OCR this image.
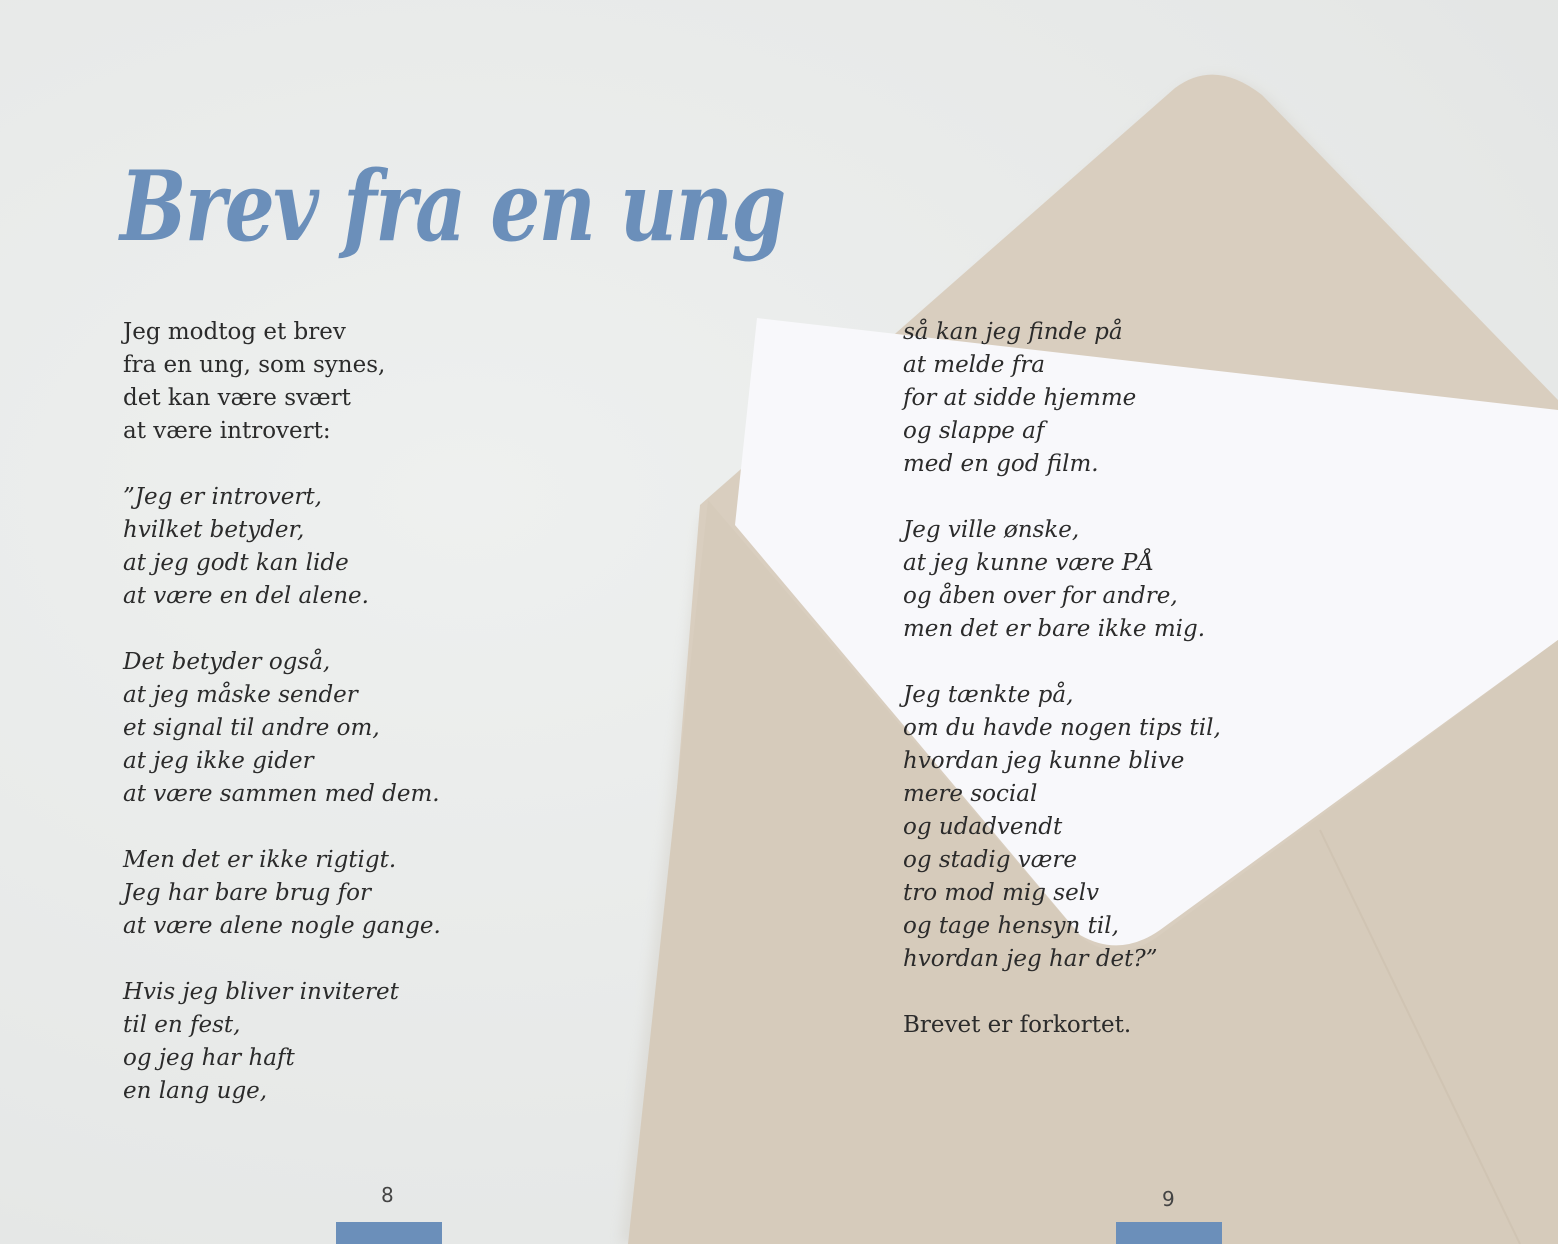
Brev fra en ung
Jeg modtog et brev
fra en ung, som synes,
det kan være svært
at være introvert:
”Jeg er introvert,
hvilket betyder,
at jeg godt kan lide
at være en del alene.
Det betyder også,
at jeg måske sender
et signal til andre om,
at jeg ikke gider
at være sammen med dem.
Men det er ikke rigtigt.
Jeg har bare brug for
at være alene nogle gange.
Hvis jeg bliver inviteret
til en fest,
og jeg har haft
en lang uge,
så kan jeg finde på
at melde fra
for at sidde hjemme
og slappe af
med en god film.
Jeg ville ønske,
at jeg kunne være PÅ
og åben over for andre,
men det er bare ikke mig.
Jeg tænkte på,
om du havde nogen tips til,
hvordan jeg kunne blive
mere social
og udadvendt
og stadig være
tro mod mig selv
og tage hensyn til,
hvordan jeg har det?”
Brevet er forkortet.
8	9
